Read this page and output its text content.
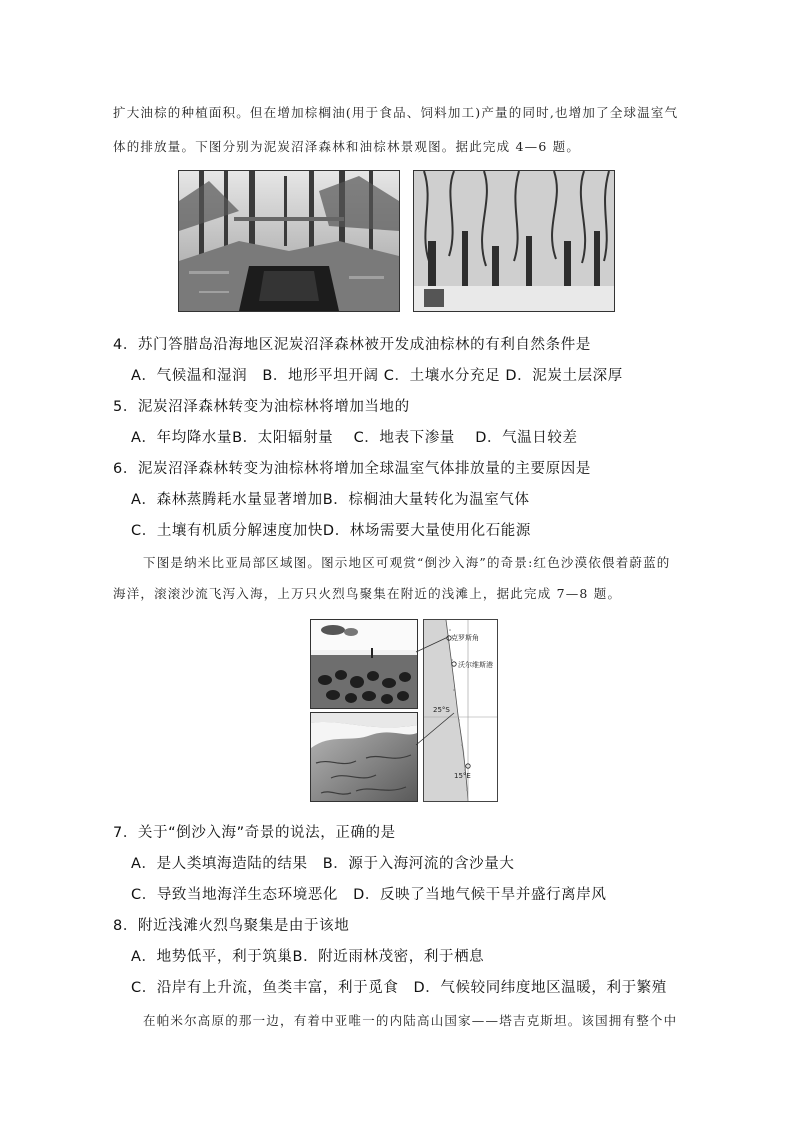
扩大油棕的种植面积。但在增加棕榈油(用于食品、饲料加工)产量的同时,也增加了全球温室气
体的排放量。下图分别为泥炭沼泽森林和油棕林景观图。据此完成 4—6 题。
4．苏门答腊岛沿海地区泥炭沼泽森林被开发成油棕林的有利自然条件是
A．气候温和湿润　B．地形平坦开阔 C．土壤水分充足 D．泥炭土层深厚
5．泥炭沼泽森林转变为油棕林将增加当地的
A．年均降水量B．太阳辐射量　 C．地表下渗量　 D．气温日较差
6．泥炭沼泽森林转变为油棕林将增加全球温室气体排放量的主要原因是
A．森林蒸腾耗水量显著增加B．棕榈油大量转化为温室气体
C．土壤有机质分解速度加快D．林场需要大量使用化石能源
下图是纳米比亚局部区域图。图示地区可观赏“倒沙入海”的奇景:红色沙漠依偎着蔚蓝的
海洋，滚滚沙流飞泻入海，上万只火烈鸟聚集在附近的浅滩上，据此完成 7—8 题。
克罗斯角
沃尔维斯港
25°S
15°E
7．关于“倒沙入海”奇景的说法，正确的是
A．是人类填海造陆的结果　B．源于入海河流的含沙量大
C．导致当地海洋生态环境恶化　D．反映了当地气候干旱并盛行离岸风
8．附近浅滩火烈鸟聚集是由于该地
A．地势低平，利于筑巢B．附近雨林茂密，利于栖息
C．沿岸有上升流，鱼类丰富，利于觅食　D．气候较同纬度地区温暖，利于繁殖
在帕米尔高原的那一边，有着中亚唯一的内陆高山国家——塔吉克斯坦。该国拥有整个中
